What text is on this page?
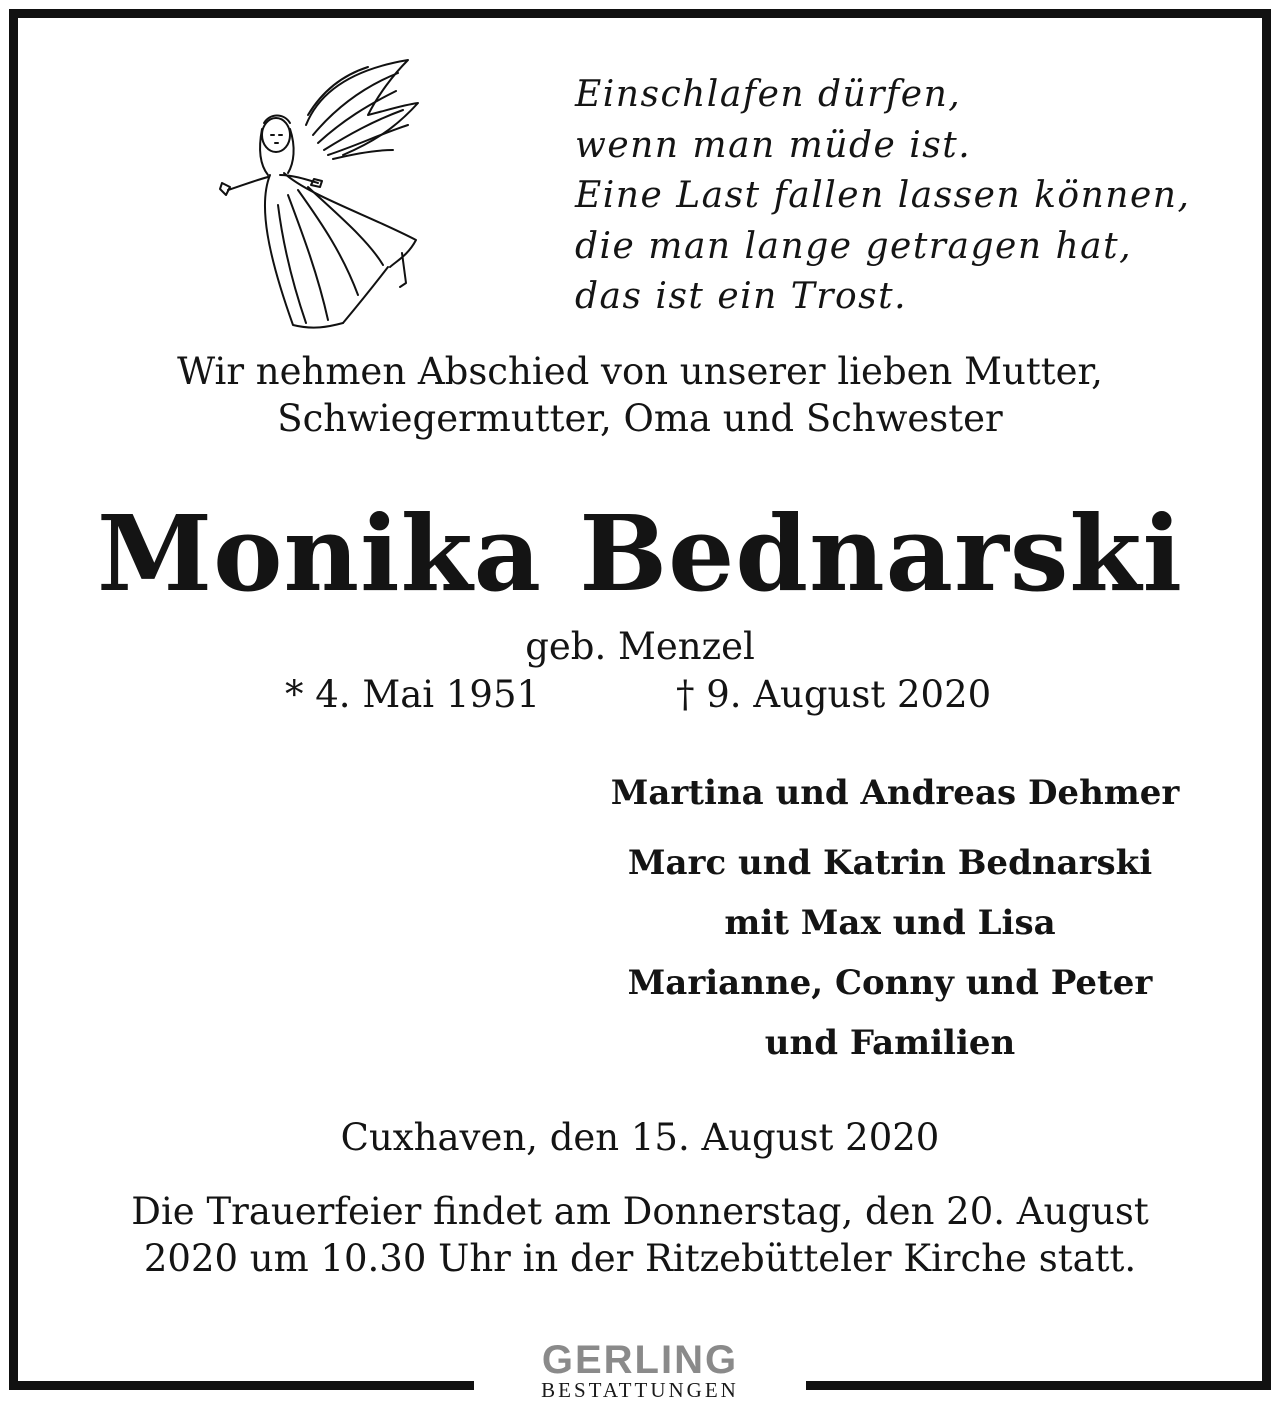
Einschlafen dürfen,
wenn man müde ist.
Eine Last fallen lassen können,
die man lange getragen hat,
das ist ein Trost.
Wir nehmen Abschied von unserer lieben Mutter,
Schwiegermutter, Oma und Schwester
Monika Bednarski
geb. Menzel
* 4. Mai 1951	† 9. August 2020
Martina und Andreas Dehmer
Marc und Katrin Bednarski
mit Max und Lisa
Marianne, Conny und Peter
und Familien
Cuxhaven, den 15. August 2020
Die Trauerfeier findet am Donnerstag, den 20. August
2020 um 10.30 Uhr in der Ritzebütteler Kirche statt.
GERLING
BESTATTUNGEN
